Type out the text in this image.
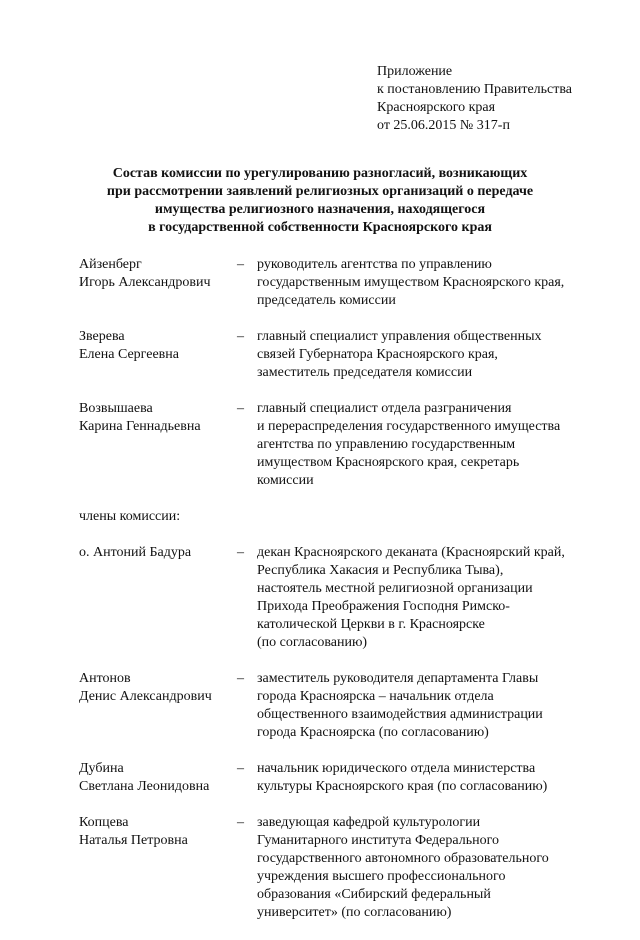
Приложение
к постановлению Правительства
Красноярского края
от 25.06.2015 № 317-п
Состав комиссии по урегулированию разногласий, возникающих
при рассмотрении заявлений религиозных организаций о передаче
имущества религиозного назначения, находящегося
в государственной собственности Красноярского края
Айзенберг
Игорь Александрович
– руководитель агентства по управлению
государственным имуществом Красноярского края,
председатель комиссии
Зверева
Елена Сергеевна
– главный специалист управления общественных
связей Губернатора Красноярского края,
заместитель председателя комиссии
Возвышаева
Карина Геннадьевна
– главный специалист отдела разграничения
и перераспределения государственного имущества
агентства по управлению государственным
имуществом Красноярского края, секретарь
комиссии
члены комиссии:
о. Антоний Бадура	– декан Красноярского деканата (Красноярский край,
Республика Хакасия и Республика Тыва),
настоятель местной религиозной организации
Прихода Преображения Господня Римско-
католической Церкви в г. Красноярске
(по согласованию)
Антонов
Денис Александрович
– заместитель руководителя департамента Главы
города Красноярска – начальник отдела
общественного взаимодействия администрации
города Красноярска (по согласованию)
Дубина
Светлана Леонидовна
– начальник юридического отдела министерства
культуры Красноярского края (по согласованию)
Копцева
Наталья Петровна
– заведующая кафедрой культурологии
Гуманитарного института Федерального
государственного автономного образовательного
учреждения высшего профессионального
образования «Сибирский федеральный
университет» (по согласованию)
